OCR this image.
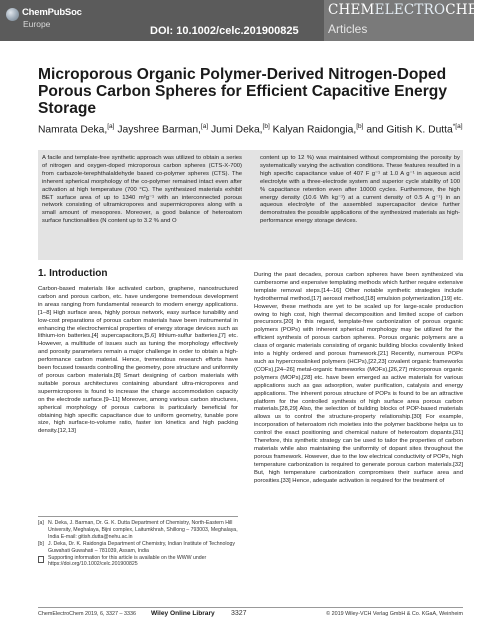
ChemPubSoc
Europe
DOI: 10.1002/celc.201900825
CHEMELECTROCHEM
Articles
Microporous Organic Polymer-Derived Nitrogen-Doped Porous Carbon Spheres for Efficient Capacitive Energy Storage
Namrata Deka,[a] Jayshree Barman,[a] Jumi Deka,[b] Kalyan Raidongia,[b] and Gitish K. Dutta$^{*[a]}$
A facile and template-free synthetic approach was utilized to obtain a series of nitrogen and oxygen-doped microporous carbon spheres (CTS-X-700) from carbazole-terephthalaldehyde based co-polymer spheres (CTS). The inherent spherical morphology of the co-polymer remained intact even after activation at high temperature (700 °C). The synthesized materials exhibit BET surface area of up to 1340 m²g⁻¹ with an interconnected porous network consisting of ultramicropores and supermicropores along with a small amount of mesopores. Moreover, a good balance of heteroatom surface functionalities (N content up to 3.2 % and O
content up to 12 %) was maintained without compromising the porosity by systematically varying the activation conditions. These features resulted in a high specific capacitance value of 407 F g⁻¹ at 1.0 A g⁻¹ in aqueous acid electrolyte with a three-electrode system and superior cycle stability of 100 % capacitance retention even after 10000 cycles. Furthermore, the high energy density (10.6 Wh kg⁻¹) at a current density of 0.5 A g⁻¹) in an aqueous electrolyte of the assembled supercapacitor device further demonstrates the possible applications of the synthesized materials as high-performance energy storage devices.
1. Introduction
Carbon-based materials like activated carbon, graphene, nanostructured carbon and porous carbon, etc. have undergone tremendous development in areas ranging from fundamental research to modern energy applications.[1–8] High surface area, highly porous network, easy surface tunability and low-cost preparations of porous carbon materials have been instrumental in enhancing the electrochemical properties of energy storage devices such as lithium-ion batteries,[4] supercapacitors,[5,6] lithium-sulfur batteries,[7] etc. However, a multitude of issues such as tuning the morphology effectively and porosity parameters remain a major challenge in order to obtain a high-performance carbon material. Hence, tremendous research efforts have been focused towards controlling the geometry, pore structure and uniformity of porous carbon materials.[8] Smart designing of carbon materials with suitable porous architectures containing abundant ultra-micropores and supermicropores is found to increase the charge accommodation capacity on the electrode surface.[9–11] Moreover, among various carbon structures, spherical morphology of porous carbons is particularly beneficial for obtaining high specific capacitance due to uniform geometry, tunable pore size, high surface-to-volume ratio, faster ion kinetics and high packing density.[12,13]
During the past decades, porous carbon spheres have been synthesized via cumbersome and expensive templating methods which further require extensive template removal steps.[14–16] Other notable synthetic strategies include hydrothermal method,[17] aerosol method,[18] emulsion polymerization,[19] etc. However, these methods are yet to be scaled up for large-scale production owing to high cost, high thermal decomposition and limited scope of carbon precursors.[20] In this regard, template-free carbonization of porous organic polymers (POPs) with inherent spherical morphology may be utilized for the efficient synthesis of porous carbon spheres. Porous organic polymers are a class of organic materials consisting of organic building blocks covalently linked into a highly ordered and porous framework.[21] Recently, numerous POPs such as hypercrosslinked polymers (HCPs),[22,23] covalent organic frameworks (COFs),[24–26] metal-organic frameworks (MOFs),[26,27] microporous organic polymers (MOPs),[28] etc. have been emerged as active materials for various applications such as gas adsorption, water purification, catalysis and energy applications. The inherent porous structure of POPs is found to be an attractive platform for the controlled synthesis of high surface area porous carbon materials.[28,29] Also, the selection of building blocks of POP-based materials allows us to control the structure-property relationship.[30] For example, incorporation of heteroatom rich moieties into the polymer backbone helps us to control the exact positioning and chemical nature of heteroatom dopants.[31] Therefore, this synthetic strategy can be used to tailor the properties of carbon materials while also maintaining the uniformity of dopant sites throughout the porous framework. However, due to the low electrical conductivity of POPs, high temperature carbonization is required to generate porous carbon materials.[32] But, high temperature carbonization compromises their surface area and porosities.[33] Hence, adequate activation is required for the treatment of
[a] N. Deka, J. Barman, Dr. G. K. Dutta Department of Chemistry, North-Eastern Hill University, Meghalaya, Bijni complex, Laitumkhrah, Shillong – 793003, Meghalaya, India E-mail: gitish.dutta@nehu.ac.in
[b] J. Deka, Dr. K. Raidongia Department of Chemistry, Indian Institute of Technology Guwahati Guwahati – 781039, Assam, India
Supporting information for this article is available on the WWW under https://doi.org/10.1002/celc.201900825
ChemElectroChem 2019, 6, 3327 – 3336 Wiley Online Library 3327	© 2019 Wiley-VCH Verlag GmbH & Co. KGaA, Weinheim
